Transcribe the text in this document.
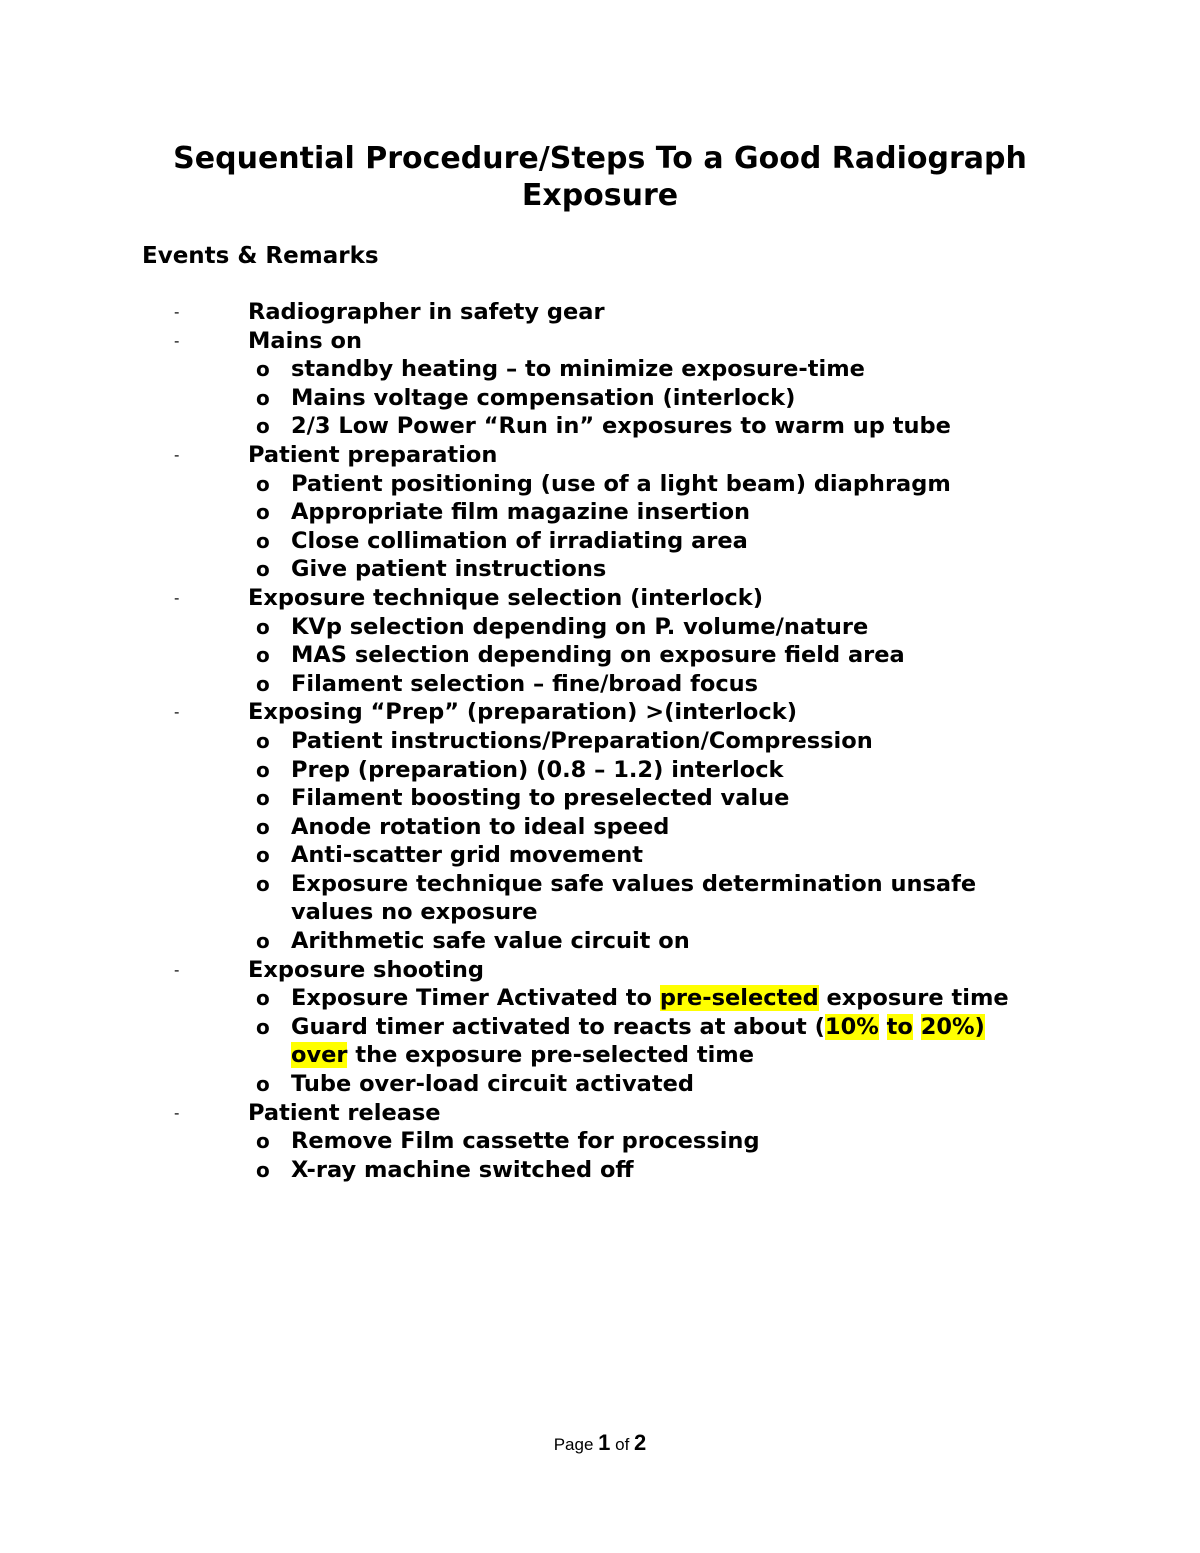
Sequential Procedure/Steps To a Good Radiograph
Exposure
Events & Remarks
-	Radiographer in safety gear
-	Mains on
o standby heating – to minimize exposure-time
o Mains voltage compensation (interlock)
o 2/3 Low Power “Run in” exposures to warm up tube
-	Patient preparation
o Patient positioning (use of a light beam) diaphragm
o Appropriate film magazine insertion
o Close collimation of irradiating area
o Give patient instructions
-	Exposure technique selection (interlock)
o KVp selection depending on P. volume/nature
o MAS selection depending on exposure field area
o Filament selection – fine/broad focus
-	Exposing “Prep” (preparation) >(interlock)
o Patient instructions/Preparation/Compression
o Prep (preparation) (0.8 – 1.2) interlock
o Filament boosting to preselected value
o Anode rotation to ideal speed
o Anti-scatter grid movement
o Exposure technique safe values determination unsafe
values no exposure
o Arithmetic safe value circuit on
-	Exposure shooting
o Exposure Timer Activated to pre-selected exposure time
o Guard timer activated to reacts at about (10% to 20%)
over the exposure pre-selected time
o Tube over-load circuit activated
-	Patient release
o Remove Film cassette for processing
o X-ray machine switched off
Page 1 of 2
